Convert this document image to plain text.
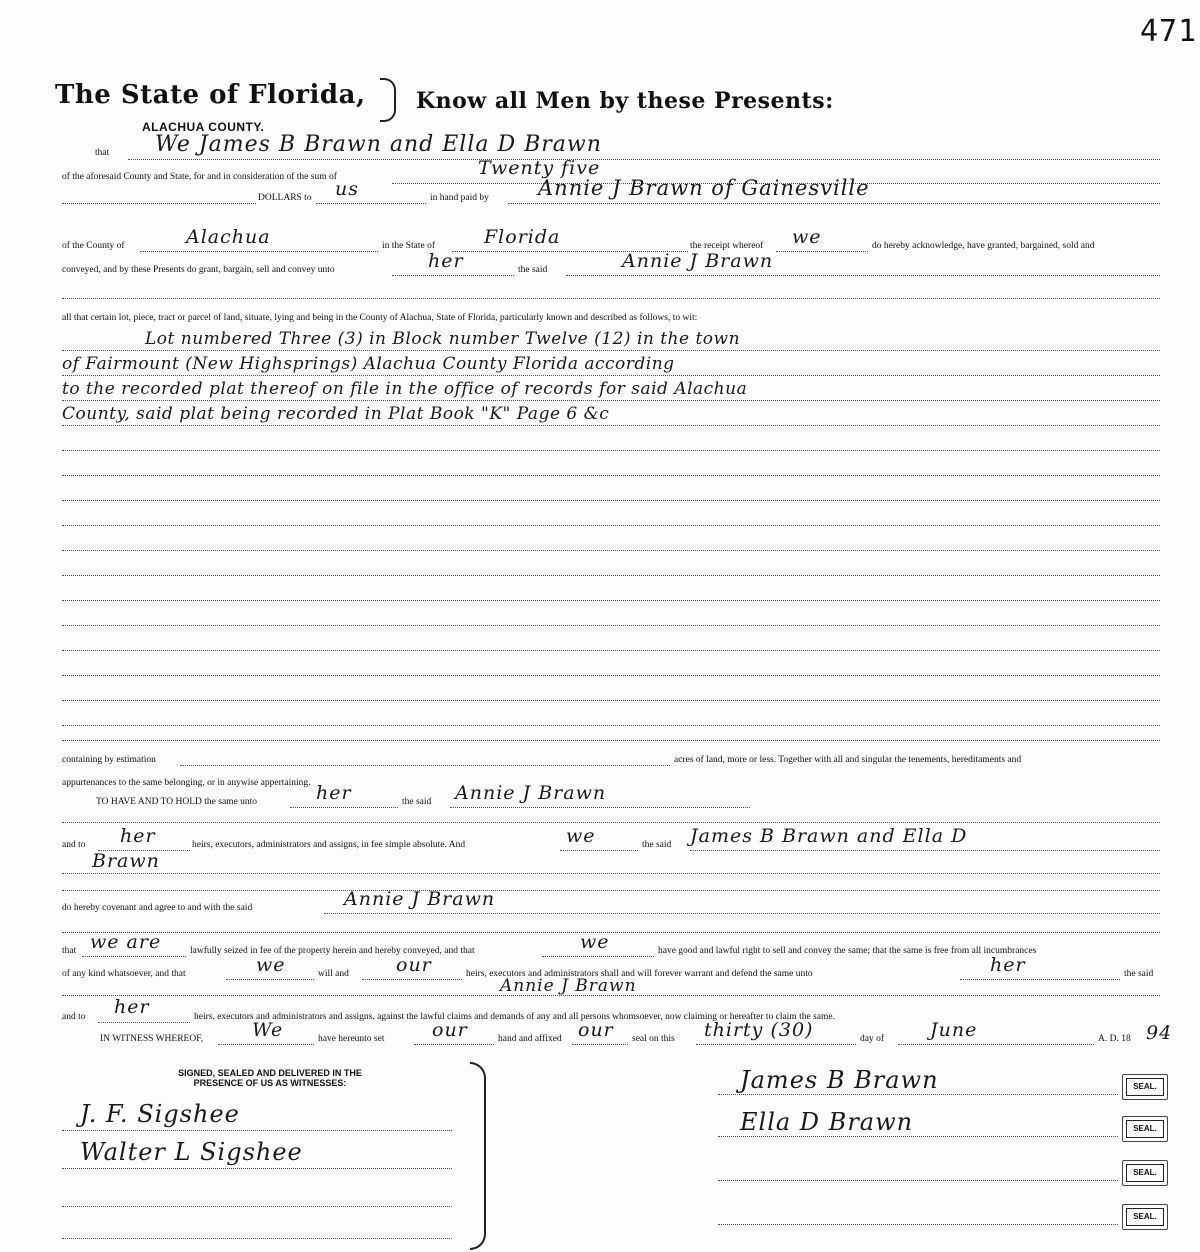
471
The State of Florida, Know all Men by these Presents:
ALACHUA COUNTY.
that We James B Brawn and Ella D Brawn
of the aforesaid County and State, for and in consideration of the sum of	Twenty five
DOLLARS to us	in hand paid by Annie J Brawn of Gainesville
of the County of	Alachua	in the State of	Florida	the receipt whereof we	do hereby acknowledge, have granted, bargained, sold and
conveyed, and by these Presents do grant, bargain, sell and convey unto	her	the said	Annie J Brawn
all that certain lot, piece, tract or parcel of land, situate, lying and being in the County of Alachua, State of Florida, particularly known and described as follows, to wit:
Lot numbered Three (3) in Block number Twelve (12) in the town
of Fairmount (New Highsprings) Alachua County Florida according
to the recorded plat thereof on file in the office of records for said Alachua
County, said plat being recorded in Plat Book "K" Page 6 &c
containing by estimation	acres of land, more or less. Together with all and singular the tenements, hereditaments and
appurtenances to the same belonging, or in anywise appertaining.
TO HAVE AND TO HOLD the same unto	her	the said Annie J Brawn
and to her	heirs, executors, administrators and assigns, in fee simple absolute. And	we	the said James B Brawn and Ella D
Brawn
do hereby covenant and agree to and with the said	Annie J Brawn
that we are	lawfully seized in fee of the property herein and hereby conveyed, and that	we	have good and lawful right to sell and convey the same; that the same is free from all incumbrances
of any kind whatsoever, and that	we	will and our	heirs, executors and administrators shall and will forever warrant and defend the same unto	her	the said
Annie J Brawn
and to her	heirs, executors and administrators and assigns, against the lawful claims and demands of any and all persons whomsoever, now claiming or hereafter to claim the same.
IN WITNESS WHEREOF,	We	have hereunto set	our	hand and affixed our seal on this thirty (30)	day of June	A. D. 18 94
SIGNED, SEALED AND DELIVERED IN THE PRESENCE OF US AS WITNESSES:
J. F. Sigshee
Walter L Sigshee
James B Brawn	SEAL.
Ella D Brawn	SEAL.
SEAL.
SEAL.
